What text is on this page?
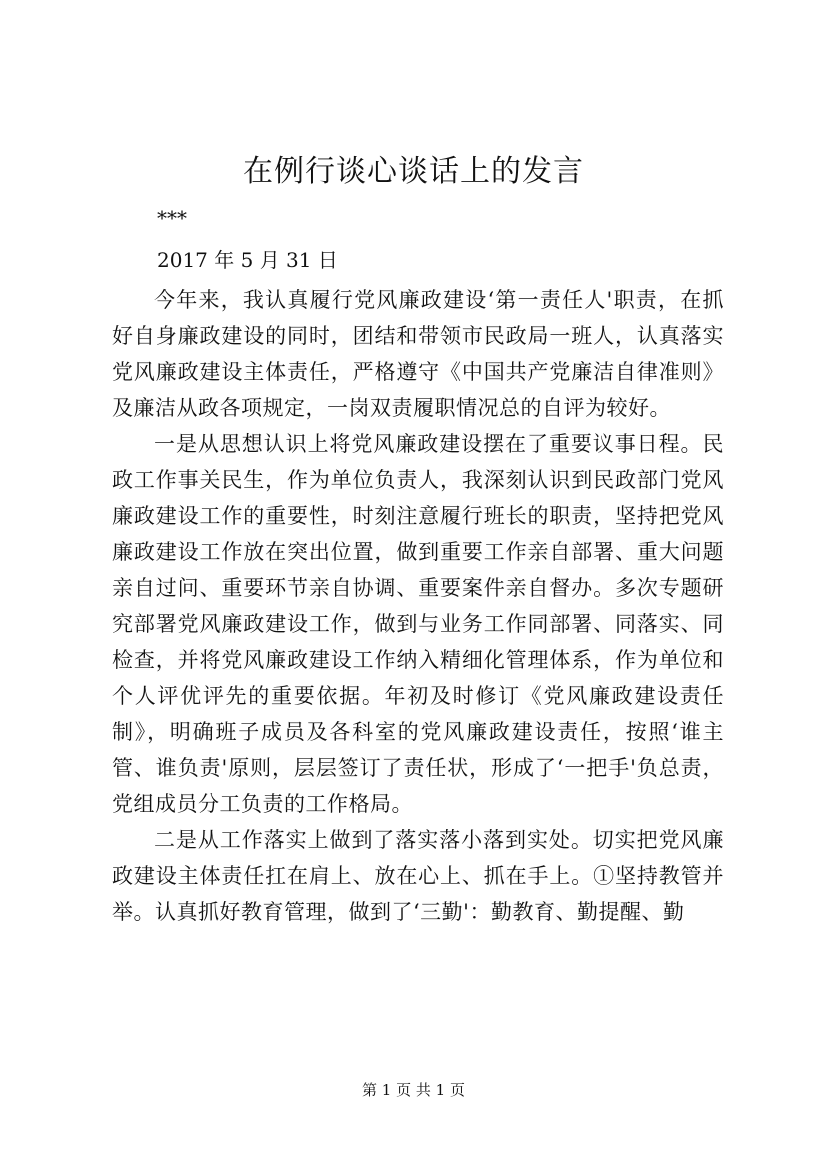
在例行谈心谈话上的发言

***

2017 年 5 月 31 日

今年来，我认真履行党风廉政建设‘第一责任人'职责，在抓好自身廉政建设的同时，团结和带领市民政局一班人，认真落实党风廉政建设主体责任，严格遵守《中国共产党廉洁自律准则》及廉洁从政各项规定，一岗双责履职情况总的自评为较好。

一是从思想认识上将党风廉政建设摆在了重要议事日程。民政工作事关民生，作为单位负责人，我深刻认识到民政部门党风廉政建设工作的重要性，时刻注意履行班长的职责，坚持把党风廉政建设工作放在突出位置，做到重要工作亲自部署、重大问题亲自过问、重要环节亲自协调、重要案件亲自督办。多次专题研究部署党风廉政建设工作，做到与业务工作同部署、同落实、同检查，并将党风廉政建设工作纳入精细化管理体系，作为单位和个人评优评先的重要依据。年初及时修订《党风廉政建设责任制》，明确班子成员及各科室的党风廉政建设责任，按照‘谁主管、谁负责'原则，层层签订了责任状，形成了‘一把手'负总责，党组成员分工负责的工作格局。

二是从工作落实上做到了落实落小落到实处。切实把党风廉政建设主体责任扛在肩上、放在心上、抓在手上。①坚持教管并举。认真抓好教育管理，做到了‘三勤'：勤教育、勤提醒、勤

第 1 页 共 1 页
